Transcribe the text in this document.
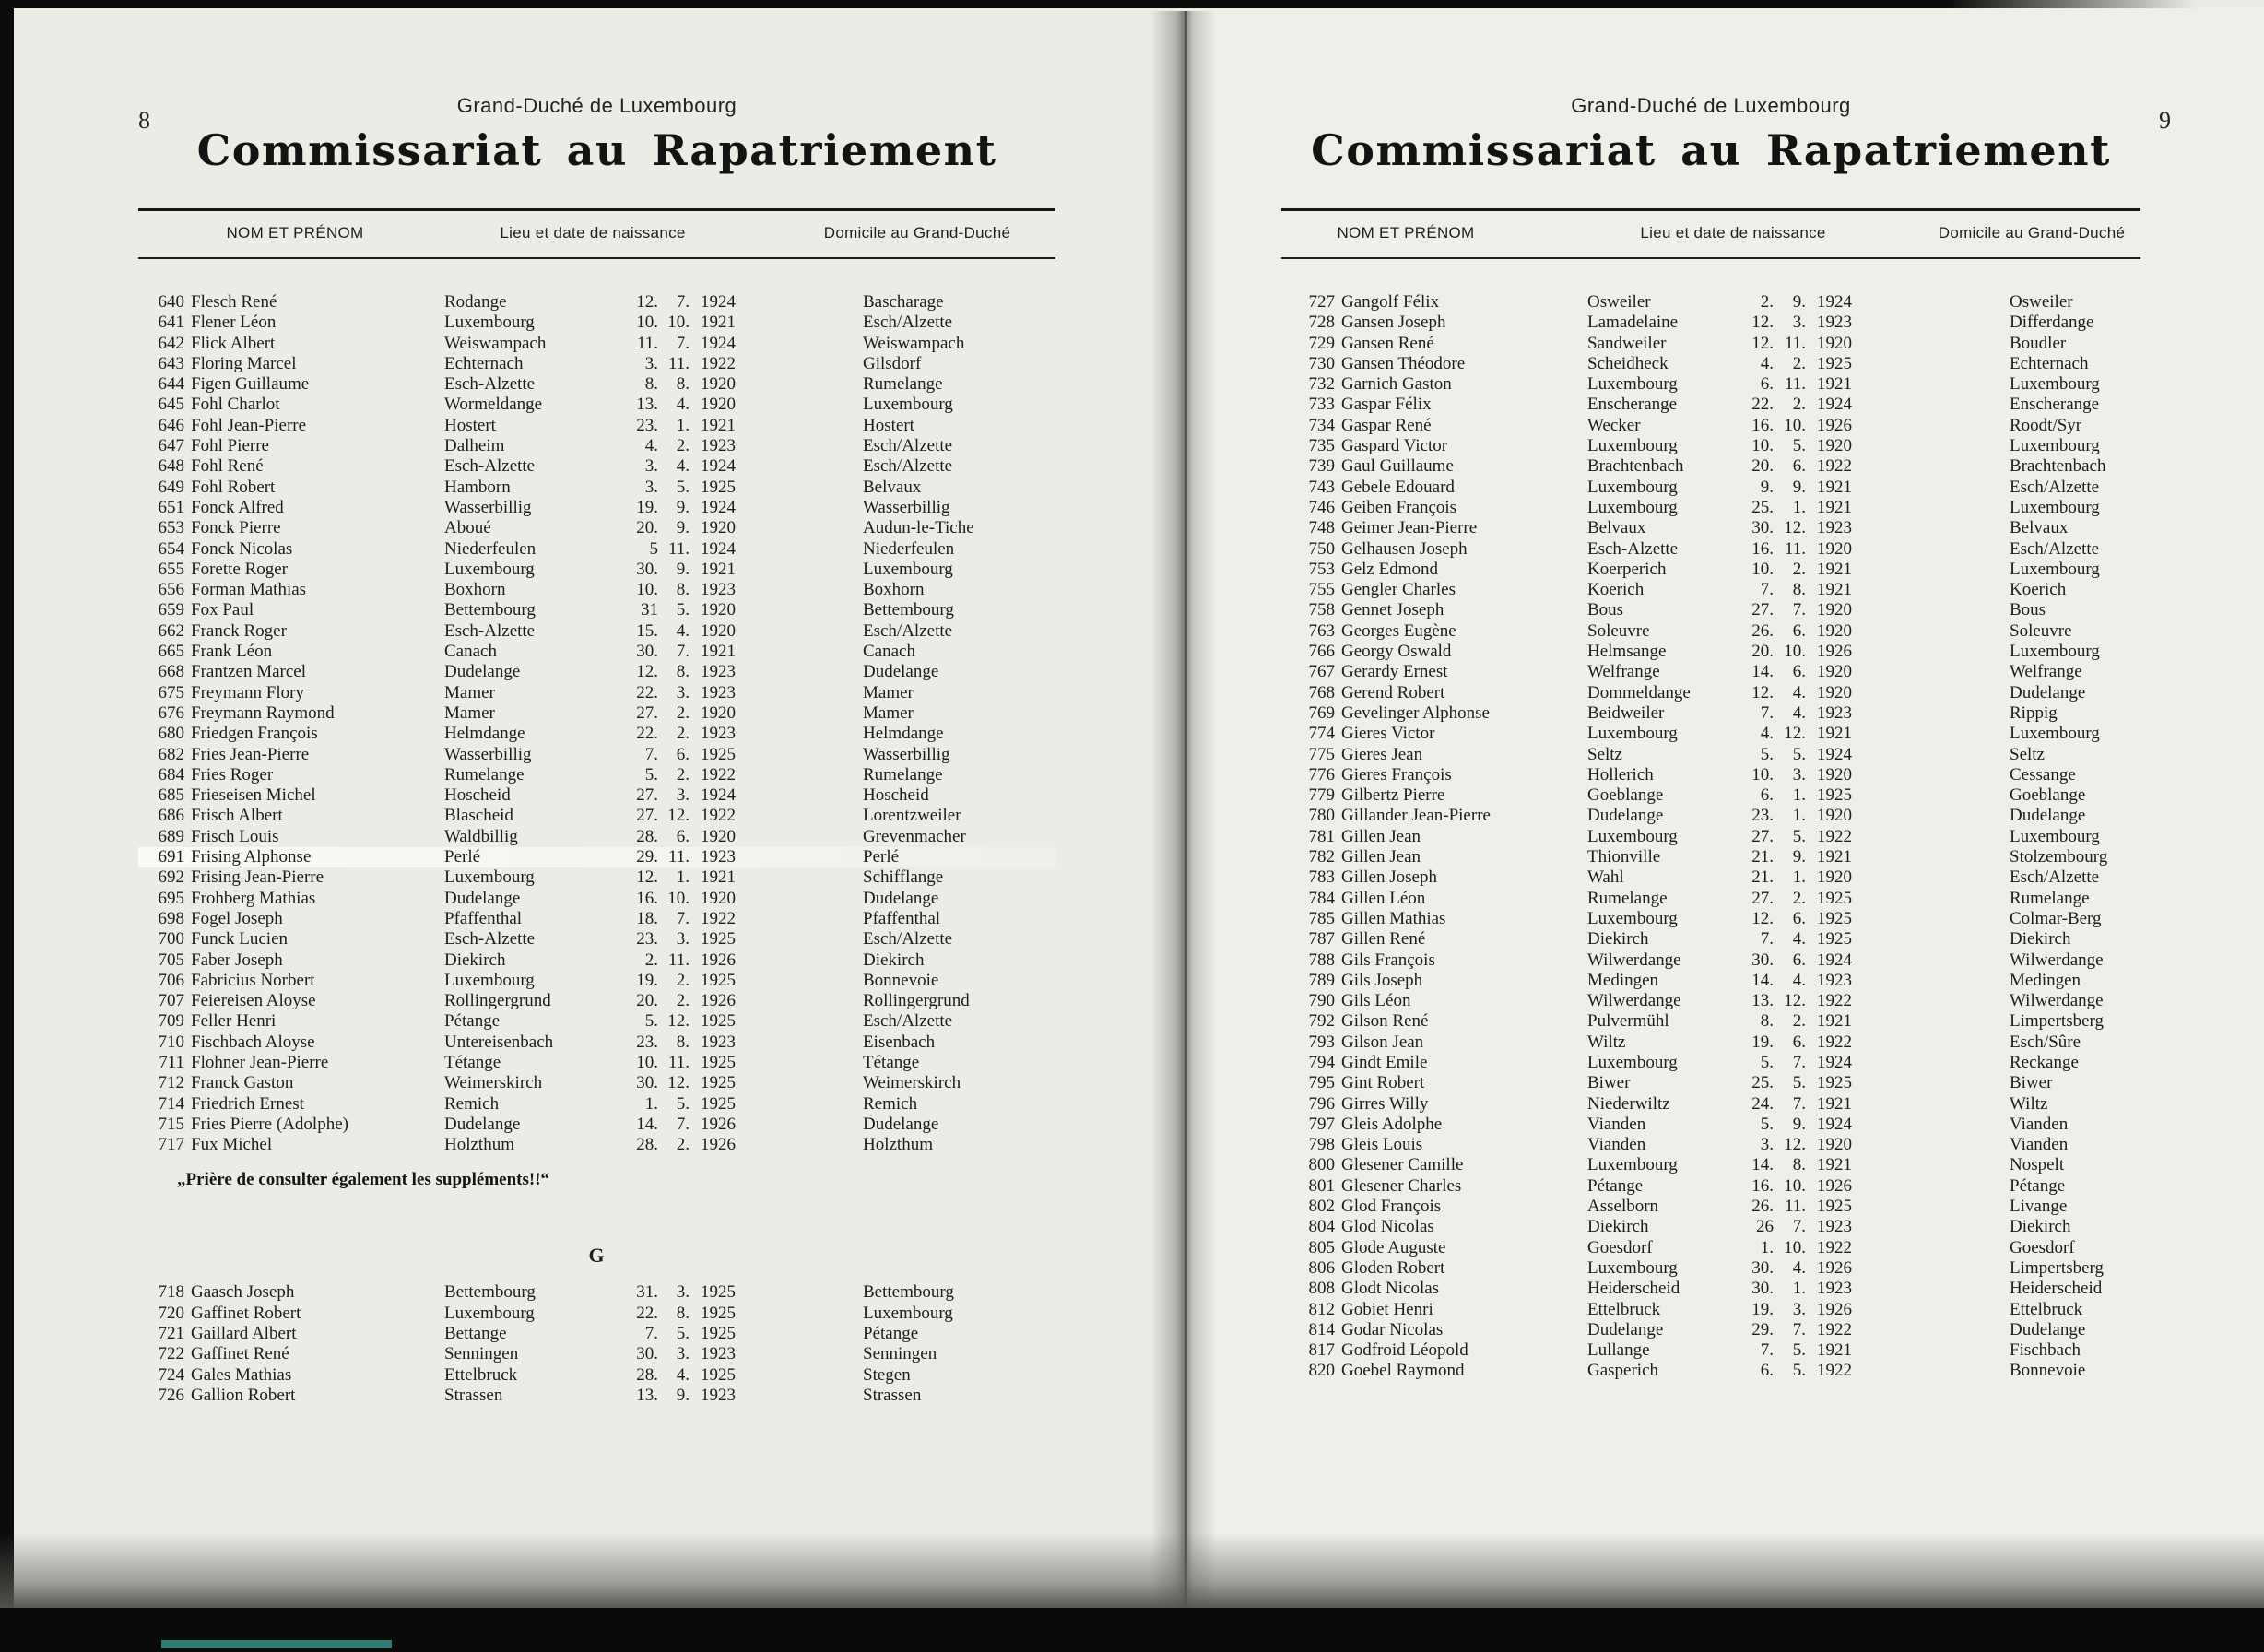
8
Grand-Duché de Luxembourg
Commissariat au Rapatriement
NOM ET PRÉNOM	Lieu et date de naissance	Domicile au Grand-Duché
640 Flesch René	Rodange	12.	7. 1924	Bascharage
641 Flener Léon	Luxembourg	10. 10. 1921	Esch/Alzette
642 Flick Albert	Weiswampach	11.	7. 1924	Weiswampach
643 Floring Marcel	Echternach	3. 11. 1922	Gilsdorf
644 Figen Guillaume	Esch-Alzette	8.	8. 1920	Rumelange
645 Fohl Charlot	Wormeldange	13.	4. 1920	Luxembourg
646 Fohl Jean-Pierre	Hostert	23.	1. 1921	Hostert
647 Fohl Pierre	Dalheim	4.	2. 1923	Esch/Alzette
648 Fohl René	Esch-Alzette	3.	4. 1924	Esch/Alzette
649 Fohl Robert	Hamborn	3.	5. 1925	Belvaux
651 Fonck Alfred	Wasserbillig	19.	9. 1924	Wasserbillig
653 Fonck Pierre	Aboué	20.	9. 1920	Audun-le-Tiche
654 Fonck Nicolas	Niederfeulen	5 11. 1924	Niederfeulen
655 Forette Roger	Luxembourg	30.	9. 1921	Luxembourg
656 Forman Mathias	Boxhorn	10.	8. 1923	Boxhorn
659 Fox Paul	Bettembourg	31	5. 1920	Bettembourg
662 Franck Roger	Esch-Alzette	15.	4. 1920	Esch/Alzette
665 Frank Léon	Canach	30.	7. 1921	Canach
668 Frantzen Marcel	Dudelange	12.	8. 1923	Dudelange
675 Freymann Flory	Mamer	22.	3. 1923	Mamer
676 Freymann Raymond	Mamer	27.	2. 1920	Mamer
680 Friedgen François	Helmdange	22.	2. 1923	Helmdange
682 Fries Jean-Pierre	Wasserbillig	7.	6. 1925	Wasserbillig
684 Fries Roger	Rumelange	5.	2. 1922	Rumelange
685 Frieseisen Michel	Hoscheid	27.	3. 1924	Hoscheid
686 Frisch Albert	Blascheid	27. 12. 1922	Lorentzweiler
689 Frisch Louis	Waldbillig	28.	6. 1920	Grevenmacher
691 Frising Alphonse	Perlé	29. 11. 1923	Perlé
692 Frising Jean-Pierre	Luxembourg	12.	1. 1921	Schifflange
695 Frohberg Mathias	Dudelange	16. 10. 1920	Dudelange
698 Fogel Joseph	Pfaffenthal	18.	7. 1922	Pfaffenthal
700 Funck Lucien	Esch-Alzette	23.	3. 1925	Esch/Alzette
705 Faber Joseph	Diekirch	2. 11. 1926	Diekirch
706 Fabricius Norbert	Luxembourg	19.	2. 1925	Bonnevoie
707 Feiereisen Aloyse	Rollingergrund	20.	2. 1926	Rollingergrund
709 Feller Henri	Pétange	5. 12. 1925	Esch/Alzette
710 Fischbach Aloyse	Untereisenbach	23.	8. 1923	Eisenbach
711 Flohner Jean-Pierre	Tétange	10. 11. 1925	Tétange
712 Franck Gaston	Weimerskirch	30. 12. 1925	Weimerskirch
714 Friedrich Ernest	Remich	1.	5. 1925	Remich
715 Fries Pierre (Adolphe)	Dudelange	14.	7. 1926	Dudelange
717 Fux Michel	Holzthum	28.	2. 1926	Holzthum
„Prière de consulter également les suppléments!!“
G
718 Gaasch Joseph	Bettembourg	31.	3. 1925	Bettembourg
720 Gaffinet Robert	Luxembourg	22.	8. 1925	Luxembourg
721 Gaillard Albert	Bettange	7.	5. 1925	Pétange
722 Gaffinet René	Senningen	30.	3. 1923	Senningen
724 Gales Mathias	Ettelbruck	28.	4. 1925	Stegen
726 Gallion Robert	Strassen	13.	9. 1923	Strassen
9
Grand-Duché de Luxembourg
Commissariat au Rapatriement
NOM ET PRÉNOM	Lieu et date de naissance	Domicile au Grand-Duché
727 Gangolf Félix	Osweiler	2.	9. 1924	Osweiler
728 Gansen Joseph	Lamadelaine	12.	3. 1923	Differdange
729 Gansen René	Sandweiler	12. 11. 1920	Boudler
730 Gansen Théodore	Scheidheck	4.	2. 1925	Echternach
732 Garnich Gaston	Luxembourg	6. 11. 1921	Luxembourg
733 Gaspar Félix	Enscherange	22.	2. 1924	Enscherange
734 Gaspar René	Wecker	16. 10. 1926	Roodt/Syr
735 Gaspard Victor	Luxembourg	10.	5. 1920	Luxembourg
739 Gaul Guillaume	Brachtenbach	20.	6. 1922	Brachtenbach
743 Gebele Edouard	Luxembourg	9.	9. 1921	Esch/Alzette
746 Geiben François	Luxembourg	25.	1. 1921	Luxembourg
748 Geimer Jean-Pierre	Belvaux	30. 12. 1923	Belvaux
750 Gelhausen Joseph	Esch-Alzette	16. 11. 1920	Esch/Alzette
753 Gelz Edmond	Koerperich	10.	2. 1921	Luxembourg
755 Gengler Charles	Koerich	7.	8. 1921	Koerich
758 Gennet Joseph	Bous	27.	7. 1920	Bous
763 Georges Eugène	Soleuvre	26.	6. 1920	Soleuvre
766 Georgy Oswald	Helmsange	20. 10. 1926	Luxembourg
767 Gerardy Ernest	Welfrange	14.	6. 1920	Welfrange
768 Gerend Robert	Dommeldange	12.	4. 1920	Dudelange
769 Gevelinger Alphonse	Beidweiler	7.	4. 1923	Rippig
774 Gieres Victor	Luxembourg	4. 12. 1921	Luxembourg
775 Gieres Jean	Seltz	5.	5. 1924	Seltz
776 Gieres François	Hollerich	10.	3. 1920	Cessange
779 Gilbertz Pierre	Goeblange	6.	1. 1925	Goeblange
780 Gillander Jean-Pierre	Dudelange	23.	1. 1920	Dudelange
781 Gillen Jean	Luxembourg	27.	5. 1922	Luxembourg
782 Gillen Jean	Thionville	21.	9. 1921	Stolzembourg
783 Gillen Joseph	Wahl	21.	1. 1920	Esch/Alzette
784 Gillen Léon	Rumelange	27.	2. 1925	Rumelange
785 Gillen Mathias	Luxembourg	12.	6. 1925	Colmar-Berg
787 Gillen René	Diekirch	7.	4. 1925	Diekirch
788 Gils François	Wilwerdange	30.	6. 1924	Wilwerdange
789 Gils Joseph	Medingen	14.	4. 1923	Medingen
790 Gils Léon	Wilwerdange	13. 12. 1922	Wilwerdange
792 Gilson René	Pulvermühl	8.	2. 1921	Limpertsberg
793 Gilson Jean	Wiltz	19.	6. 1922	Esch/Sûre
794 Gindt Emile	Luxembourg	5.	7. 1924	Reckange
795 Gint Robert	Biwer	25.	5. 1925	Biwer
796 Girres Willy	Niederwiltz	24.	7. 1921	Wiltz
797 Gleis Adolphe	Vianden	5.	9. 1924	Vianden
798 Gleis Louis	Vianden	3. 12. 1920	Vianden
800 Glesener Camille	Luxembourg	14.	8. 1921	Nospelt
801 Glesener Charles	Pétange	16. 10. 1926	Pétange
802 Glod François	Asselborn	26. 11. 1925	Livange
804 Glod Nicolas	Diekirch	26	7. 1923	Diekirch
805 Glode Auguste	Goesdorf	1. 10. 1922	Goesdorf
806 Gloden Robert	Luxembourg	30.	4. 1926	Limpertsberg
808 Glodt Nicolas	Heiderscheid	30.	1. 1923	Heiderscheid
812 Gobiet Henri	Ettelbruck	19.	3. 1926	Ettelbruck
814 Godar Nicolas	Dudelange	29.	7. 1922	Dudelange
817 Godfroid Léopold	Lullange	7.	5. 1921	Fischbach
820 Goebel Raymond	Gasperich	6.	5. 1922	Bonnevoie
